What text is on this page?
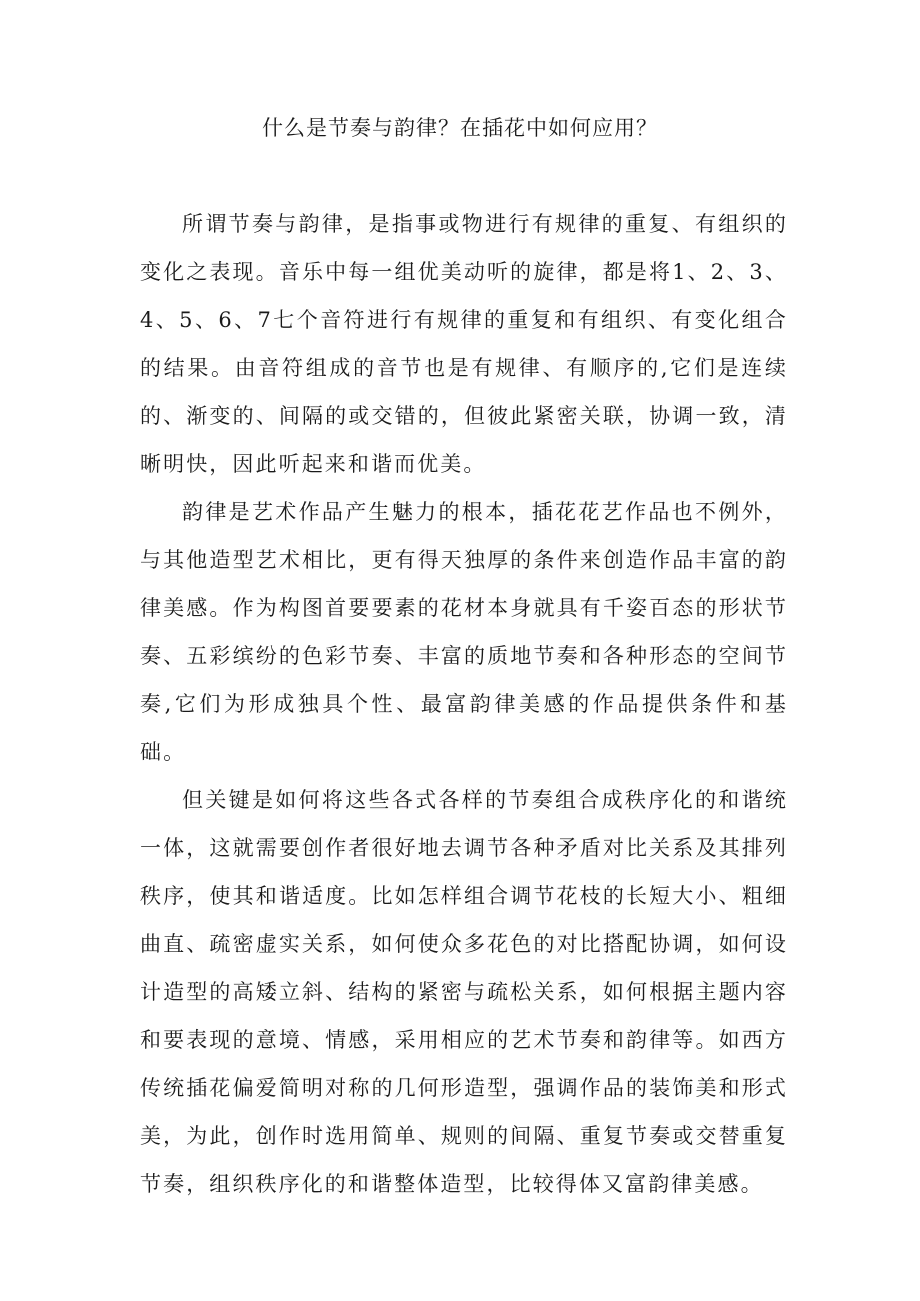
什么是节奏与韵律？在插花中如何应用？

所谓节奏与韵律，是指事或物进行有规律的重复、有组织的变化之表现。音乐中每一组优美动听的旋律，都是将1、2、3、4、5、6、7七个音符进行有规律的重复和有组织、有变化组合的结果。由音符组成的音节也是有规律、有顺序的,它们是连续的、渐变的、间隔的或交错的，但彼此紧密关联，协调一致，清晰明快，因此听起来和谐而优美。

韵律是艺术作品产生魅力的根本，插花花艺作品也不例外，与其他造型艺术相比，更有得天独厚的条件来创造作品丰富的韵律美感。作为构图首要要素的花材本身就具有千姿百态的形状节奏、五彩缤纷的色彩节奏、丰富的质地节奏和各种形态的空间节奏,它们为形成独具个性、最富韵律美感的作品提供条件和基础。

但关键是如何将这些各式各样的节奏组合成秩序化的和谐统一体，这就需要创作者很好地去调节各种矛盾对比关系及其排列秩序，使其和谐适度。比如怎样组合调节花枝的长短大小、粗细曲直、疏密虚实关系，如何使众多花色的对比搭配协调，如何设计造型的高矮立斜、结构的紧密与疏松关系，如何根据主题内容和要表现的意境、情感，采用相应的艺术节奏和韵律等。如西方传统插花偏爱简明对称的几何形造型，强调作品的装饰美和形式美，为此，创作时选用简单、规则的间隔、重复节奏或交替重复节奏，组织秩序化的和谐整体造型，比较得体又富韵律美感。
